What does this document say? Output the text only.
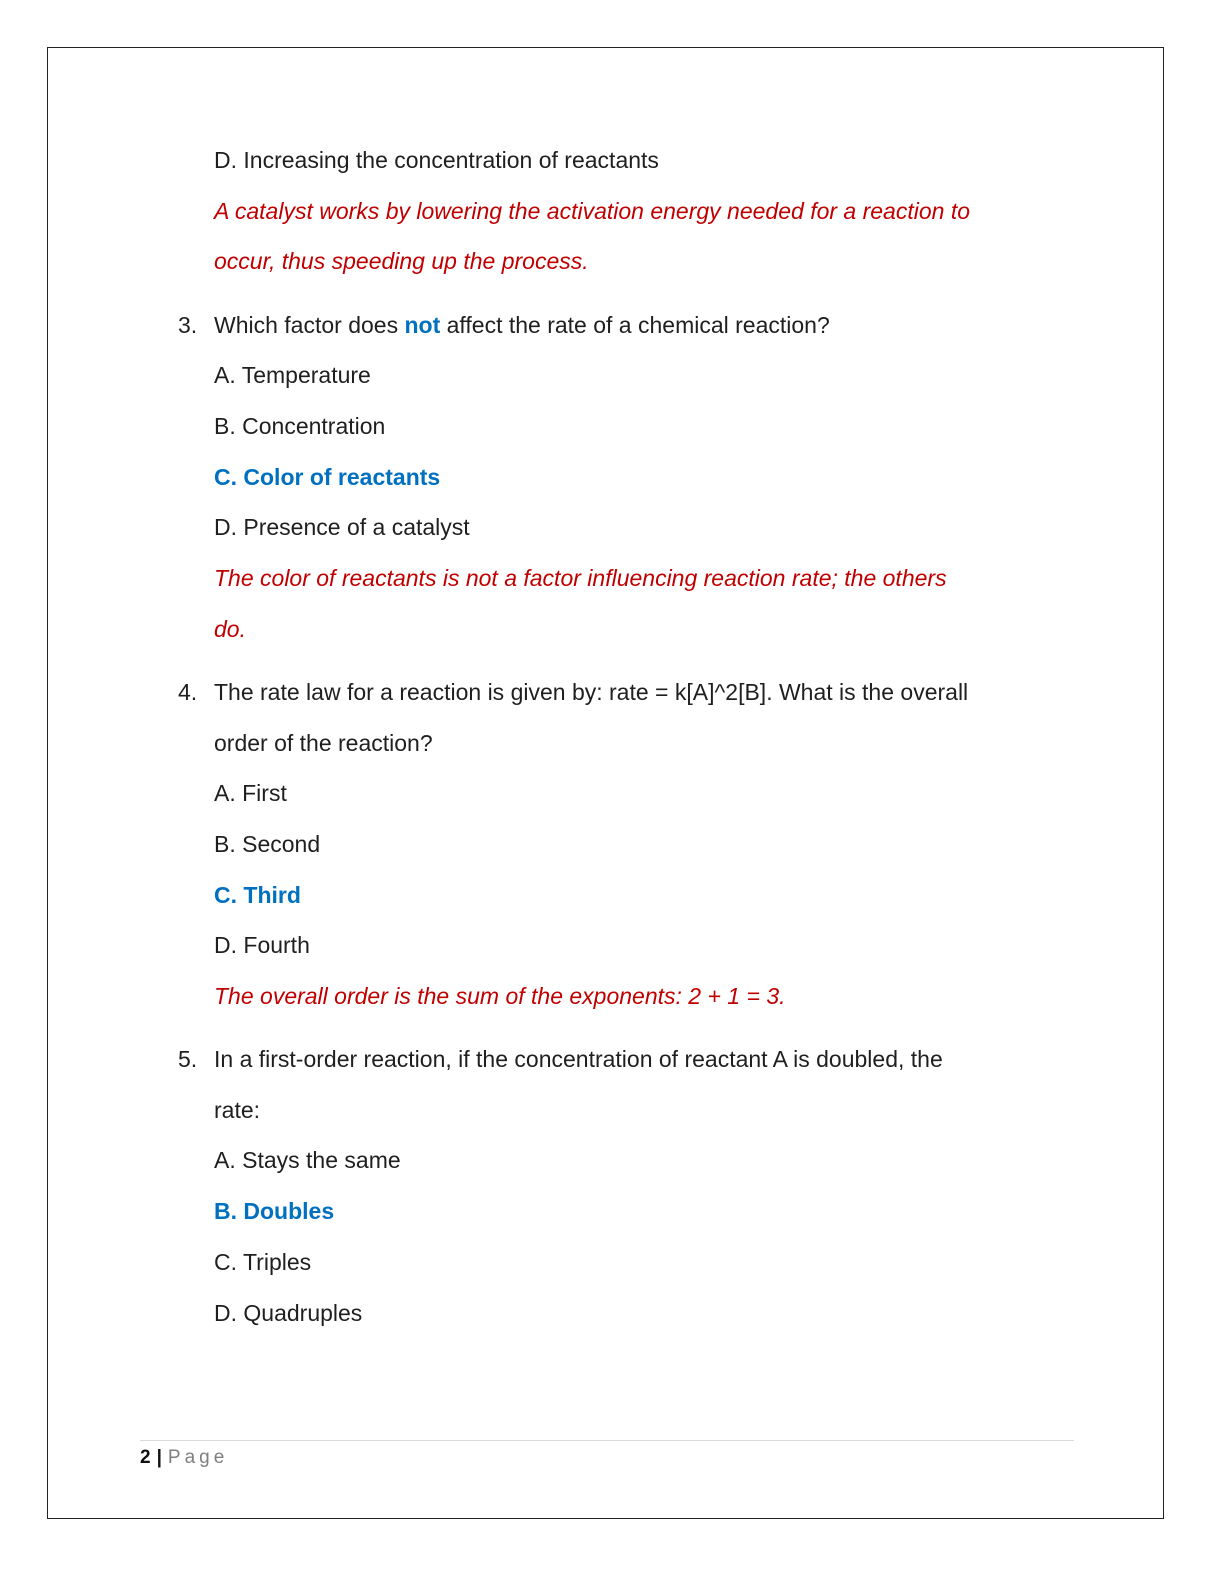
D. Increasing the concentration of reactants
A catalyst works by lowering the activation energy needed for a reaction to
occur, thus speeding up the process.
3. Which factor does not affect the rate of a chemical reaction?
A. Temperature
B. Concentration
C. Color of reactants
D. Presence of a catalyst
The color of reactants is not a factor influencing reaction rate; the others
do.
4. The rate law for a reaction is given by: rate = k[A]^2[B]. What is the overall
order of the reaction?
A. First
B. Second
C. Third
D. Fourth
The overall order is the sum of the exponents: 2 + 1 = 3.
5. In a first-order reaction, if the concentration of reactant A is doubled, the
rate:
A. Stays the same
B. Doubles
C. Triples
D. Quadruples
2 | Page
